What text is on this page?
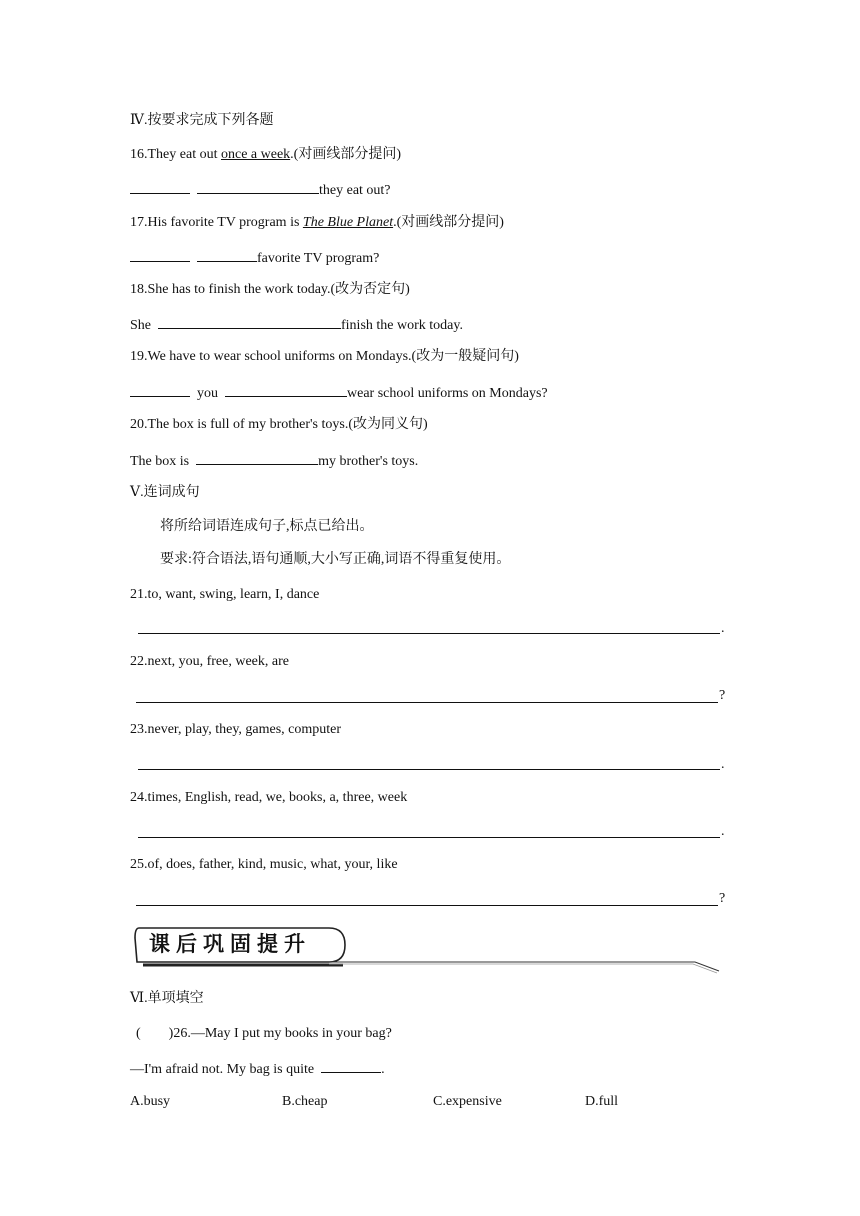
Ⅳ.按要求完成下列各题
16.They eat out once a week.(对画线部分提问)
they eat out?
17.His favorite TV program is The Blue Planet.(对画线部分提问)
favorite TV program?
18.She has to finish the work today.(改为否定句)
She	finish the work today.
19.We have to wear school uniforms on Mondays.(改为一般疑问句)
you	wear school uniforms on Mondays?
20.The box is full of my brother's toys.(改为同义句)
The box is	my brother's toys.
Ⅴ.连词成句
将所给词语连成句子,标点已给出。
要求:符合语法,语句通顺,大小写正确,词语不得重复使用。
21.to, want, swing, learn, I, dance
.
22.next, you, free, week, are
?
23.never, play, they, games, computer
.
24.times, English, read, we, books, a, three, week
.
25.of, does, father, kind, music, what, your, like
?
课后巩固提升
Ⅵ.单项填空
(　　)26.—May I put my books in your bag?
—I'm afraid not. My bag is quite	.
A.busy	B.cheap	C.expensive	D.full
